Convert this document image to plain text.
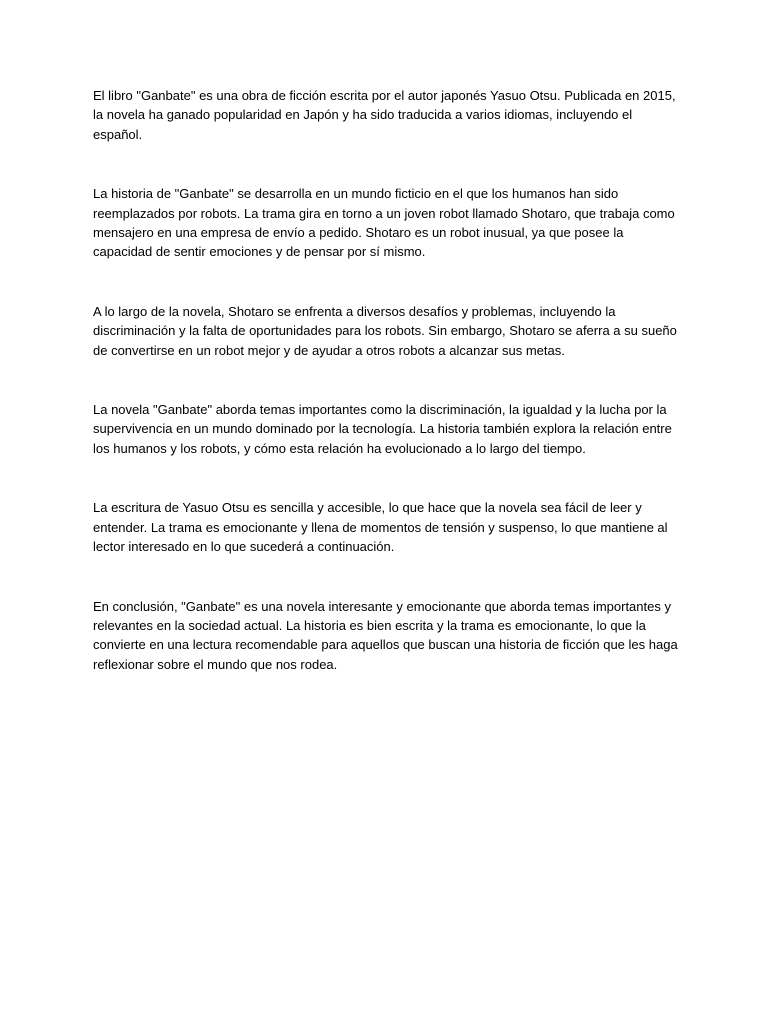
El libro "Ganbate" es una obra de ficción escrita por el autor japonés Yasuo Otsu. Publicada en 2015, la novela ha ganado popularidad en Japón y ha sido traducida a varios idiomas, incluyendo el español.

La historia de "Ganbate" se desarrolla en un mundo ficticio en el que los humanos han sido reemplazados por robots. La trama gira en torno a un joven robot llamado Shotaro, que trabaja como mensajero en una empresa de envío a pedido. Shotaro es un robot inusual, ya que posee la capacidad de sentir emociones y de pensar por sí mismo.

A lo largo de la novela, Shotaro se enfrenta a diversos desafíos y problemas, incluyendo la discriminación y la falta de oportunidades para los robots. Sin embargo, Shotaro se aferra a su sueño de convertirse en un robot mejor y de ayudar a otros robots a alcanzar sus metas.

La novela "Ganbate" aborda temas importantes como la discriminación, la igualdad y la lucha por la supervivencia en un mundo dominado por la tecnología. La historia también explora la relación entre los humanos y los robots, y cómo esta relación ha evolucionado a lo largo del tiempo.

La escritura de Yasuo Otsu es sencilla y accesible, lo que hace que la novela sea fácil de leer y entender. La trama es emocionante y llena de momentos de tensión y suspenso, lo que mantiene al lector interesado en lo que sucederá a continuación.

En conclusión, "Ganbate" es una novela interesante y emocionante que aborda temas importantes y relevantes en la sociedad actual. La historia es bien escrita y la trama es emocionante, lo que la convierte en una lectura recomendable para aquellos que buscan una historia de ficción que les haga reflexionar sobre el mundo que nos rodea.
